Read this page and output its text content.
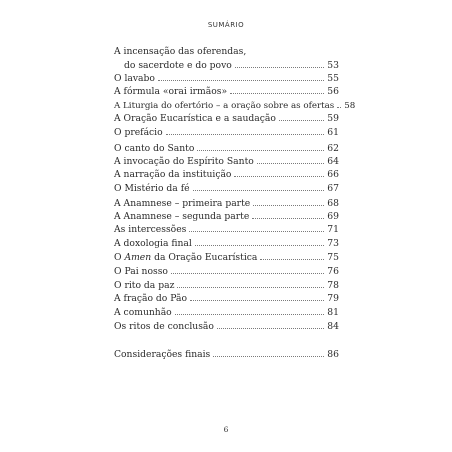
SUMÁRIO
A incensação das oferendas,
do sacerdote e do povo	53
O lavabo	55
A fórmula «orai irmãos»	56
A Liturgia do ofertório – a oração sobre as ofertas 58
A Oração Eucarística e a saudação	59
O prefácio	61
O canto do Santo	62
A invocação do Espírito Santo	64
A narração da instituição	66
O Mistério da fé	67
A Anamnese – primeira parte	68
A Anamnese – segunda parte	69
As intercessões	71
A doxologia final	73
O Amen da Oração Eucarística	75
O Pai nosso	76
O rito da paz	78
A fração do Pão	79
A comunhão	81
Os ritos de conclusão	84
Considerações finais	86
6
